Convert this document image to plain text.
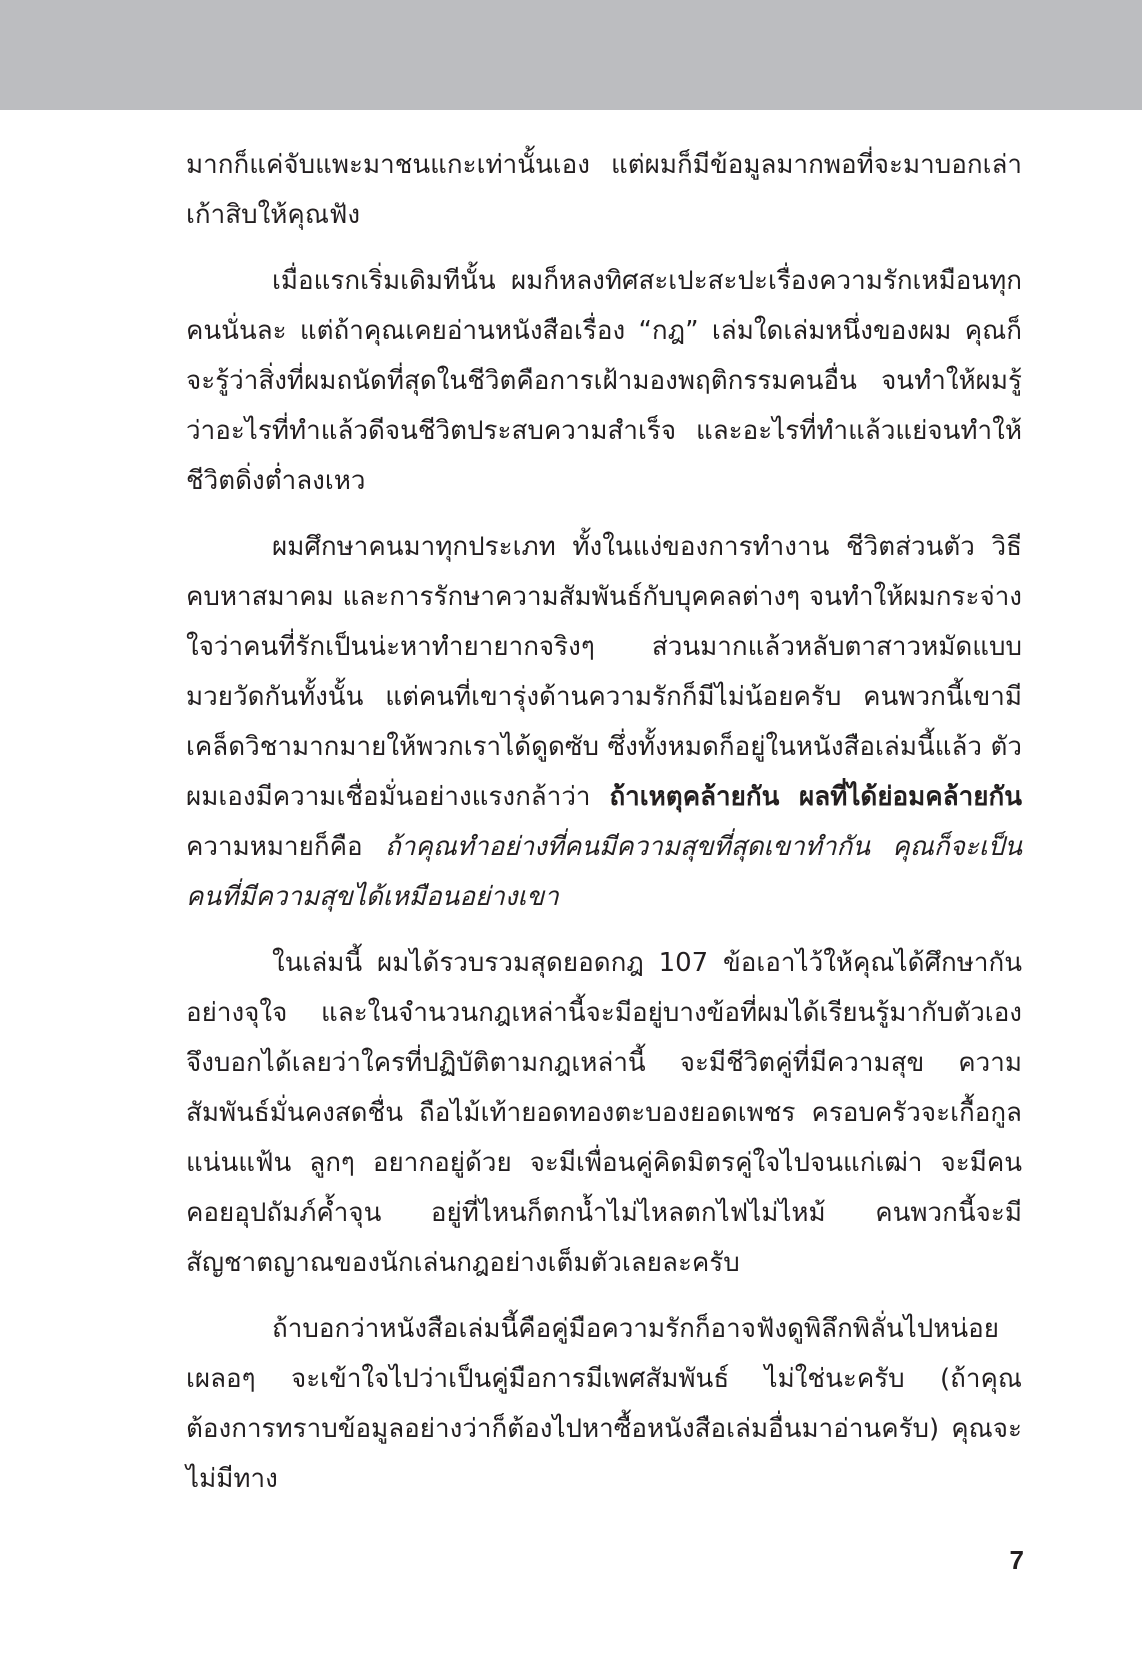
มากก็แค่จับแพะมาชนแกะเท่านั้นเอง แต่ผมก็มีข้อมูลมากพอที่จะมาบอกเล่าเก้าสิบให้คุณฟัง

เมื่อแรกเริ่มเดิมทีนั้น ผมก็หลงทิศสะเปะสะปะเรื่องความรักเหมือนทุกคนนั่นละ แต่ถ้าคุณเคยอ่านหนังสือเรื่อง “กฎ” เล่มใดเล่มหนึ่งของผม คุณก็จะรู้ว่าสิ่งที่ผมถนัดที่สุดในชีวิตคือการเฝ้ามองพฤติกรรมคนอื่น จนทำให้ผมรู้ว่าอะไรที่ทำแล้วดีจนชีวิตประสบความสำเร็จ และอะไรที่ทำแล้วแย่จนทำให้ชีวิตดิ่งต่ำลงเหว

ผมศึกษาคนมาทุกประเภท ทั้งในแง่ของการทำงาน ชีวิตส่วนตัว วิธีคบหาสมาคม และการรักษาความสัมพันธ์กับบุคคลต่างๆ จนทำให้ผมกระจ่างใจว่าคนที่รักเป็นน่ะหาทำยายากจริงๆ ส่วนมากแล้วหลับตาสาวหมัดแบบมวยวัดกันทั้งนั้น แต่คนที่เขารุ่งด้านความรักก็มีไม่น้อยครับ คนพวกนี้เขามีเคล็ดวิชามากมายให้พวกเราได้ดูดซับ ซึ่งทั้งหมดก็อยู่ในหนังสือเล่มนี้แล้ว ตัวผมเองมีความเชื่อมั่นอย่างแรงกล้าว่า ถ้าเหตุคล้ายกัน ผลที่ได้ย่อมคล้ายกัน ความหมายก็คือ ถ้าคุณทำอย่างที่คนมีความสุขที่สุดเขาทำกัน คุณก็จะเป็นคนที่มีความสุขได้เหมือนอย่างเขา

ในเล่มนี้ ผมได้รวบรวมสุดยอดกฎ 107 ข้อเอาไว้ให้คุณได้ศึกษากันอย่างจุใจ และในจำนวนกฎเหล่านี้จะมีอยู่บางข้อที่ผมได้เรียนรู้มากับตัวเอง จึงบอกได้เลยว่าใครที่ปฏิบัติตามกฎเหล่านี้ จะมีชีวิตคู่ที่มีความสุข ความสัมพันธ์มั่นคงสดชื่น ถือไม้เท้ายอดทองตะบองยอดเพชร ครอบครัวจะเกื้อกูลแน่นแฟ้น ลูกๆ อยากอยู่ด้วย จะมีเพื่อนคู่คิดมิตรคู่ใจไปจนแก่เฒ่า จะมีคนคอยอุปถัมภ์ค้ำจุน อยู่ที่ไหนก็ตกน้ำไม่ไหลตกไฟไม่ไหม้ คนพวกนี้จะมีสัญชาตญาณของนักเล่นกฎอย่างเต็มตัวเลยละครับ

ถ้าบอกว่าหนังสือเล่มนี้คือคู่มือความรักก็อาจฟังดูพิลึกพิลั่นไปหน่อยเผลอๆ จะเข้าใจไปว่าเป็นคู่มือการมีเพศสัมพันธ์ ไม่ใช่นะครับ (ถ้าคุณต้องการทราบข้อมูลอย่างว่าก็ต้องไปหาซื้อหนังสือเล่มอื่นมาอ่านครับ) คุณจะไม่มีทาง

7
